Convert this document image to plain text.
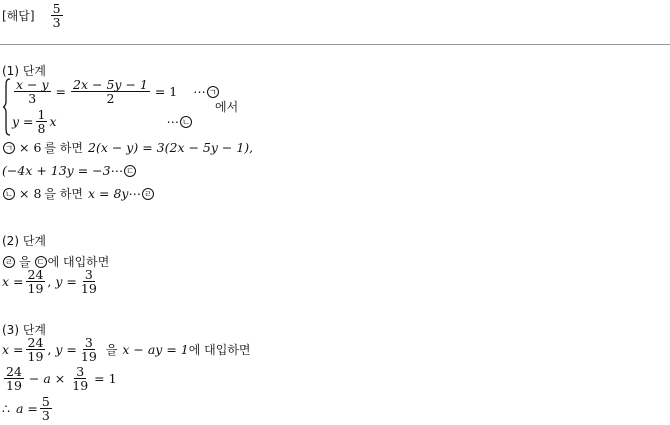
[해답] $\frac{5}{3}$
(1) 단계
$\frac{x - y}{3} = \frac{2x - 5y - 1}{2} = 1$ ⋯ ㄱ
$y = \frac{1}{8}$ x	⋯ ㄴ
에서
ㄱ × 6 를 하면 2(x − y) = 3(2x − 5y − 1),
(−4x + 13y = −3 ⋯ ㄷ
ㄴ × 8 을 하면 x = 8y ⋯ ㄹ
(2) 단계
ㄹ 을 ㄷ 에 대입하면
$x = \frac{24}{19}$ , $y = \frac{3}{19}$
(3) 단계
$x = \frac{24}{19}$ , $y = \frac{3}{19}$ 을 x − ay = 1 에 대입하면
$\frac{24}{19} - a \times \frac{3}{19} = 1$
∴ $a = \frac{5}{3}$
